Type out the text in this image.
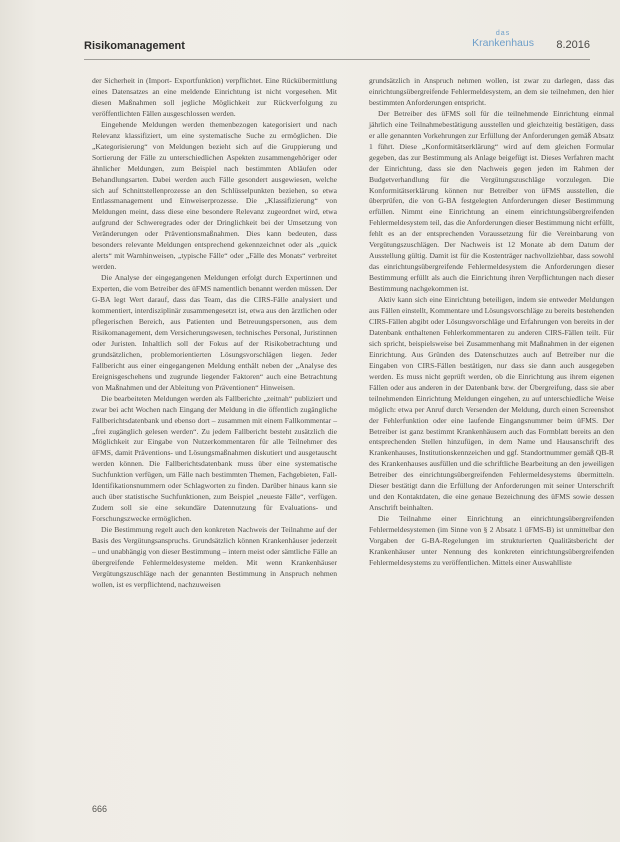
Risikomanagement
das
Krankenhaus 8.2016

der Sicherheit in (Import- Exportfunktion) verpflichtet. Eine Rückübermittlung eines Datensatzes an eine meldende Einrichtung ist nicht vorgesehen. Mit diesen Maßnahmen soll jegliche Möglichkeit zur Rückverfolgung zu veröffentlichten Fällen ausgeschlossen werden.

Eingehende Meldungen werden themenbezogen kategorisiert und nach Relevanz klassifiziert, um eine systematische Suche zu ermöglichen. Die „Kategorisierung“ von Meldungen bezieht sich auf die Gruppierung und Sortierung der Fälle zu unterschiedlichen Aspekten zusammengehöriger oder ähnlicher Meldungen, zum Beispiel nach bestimmten Abläufen oder Behandlungsarten. Dabei werden auch Fälle gesondert ausgewiesen, welche sich auf Schnittstellenprozesse an den Schlüsselpunkten beziehen, so etwa Entlassmanagement und Einweiserprozesse. Die „Klassifizierung“ von Meldungen meint, dass diese eine besondere Relevanz zugeordnet wird, etwa aufgrund der Schweregrades oder der Dringlichkeit bei der Umsetzung von Veränderungen oder Präventionsmaßnahmen. Dies kann bedeuten, dass besonders relevante Meldungen entsprechend gekennzeichnet oder als „quick alerts“ mit Warnhinweisen, „typische Fälle“ oder „Fälle des Monats“ verbreitet werden.

Die Analyse der eingegangenen Meldungen erfolgt durch Expertinnen und Experten, die vom Betreiber des üFMS namentlich benannt werden müssen. Der G-BA legt Wert darauf, dass das Team, das die CIRS-Fälle analysiert und kommentiert, interdisziplinär zusammengesetzt ist, etwa aus den ärztlichen oder pflegerischen Bereich, aus Patienten und Betreuungspersonen, aus dem Risikomanagement, dem Versicherungswesen, technisches Personal, Juristinnen oder Juristen. Inhaltlich soll der Fokus auf der Risikobetrachtung und grundsätzlichen, problemorientierten Lösungsvorschlägen liegen. Jeder Fallbericht aus einer eingegangenen Meldung enthält neben der „Analyse des Ereignisgeschehens und zugrunde liegender Faktoren“ auch eine Betrachtung von Maßnahmen und der Ableitung von Präventionen“ Hinweisen.

Die bearbeiteten Meldungen werden als Fallberichte „zeitnah“ publiziert und zwar bei acht Wochen nach Eingang der Meldung in die öffentlich zugängliche Fallberichtsdatenbank und ebenso dort – zusammen mit einem Fallkommentar – „frei zugänglich gelesen werden“. Zu jedem Fallbericht besteht zusätzlich die Möglichkeit zur Eingabe von Nutzerkommentaren für alle Teilnehmer des üFMS, damit Präventions- und Lösungsmaßnahmen diskutiert und ausgetauscht werden können. Die Fallberichtsdatenbank muss über eine systematische Suchfunktion verfügen, um Fälle nach bestimmten Themen, Fachgebieten, Fall-Identifikationsnummern oder Schlagworten zu finden. Darüber hinaus kann sie auch über statistische Suchfunktionen, zum Beispiel „neueste Fälle“, verfügen. Zudem soll sie eine sekundäre Datennutzung für Evaluations- und Forschungszwecke ermöglichen.

Die Bestimmung regelt auch den konkreten Nachweis der Teilnahme auf der Basis des Vergütungsanspruchs. Grundsätzlich können Krankenhäuser jederzeit – und unabhängig von dieser Bestimmung – intern meist oder sämtliche Fälle an übergreifende Fehlermeldesysteme melden. Mit wenn Krankenhäuser Vergütungszuschläge nach der genannten Bestimmung in Anspruch nehmen wollen, ist es verpflichtend, nachzuweisen

grundsätzlich in Anspruch nehmen wollen, ist zwar zu darlegen, dass das einrichtungsübergreifende Fehlermeldesystem, an dem sie teilnehmen, den hier bestimmten Anforderungen entspricht.

Der Betreiber des üFMS soll für die teilnehmende Einrichtung einmal jährlich eine Teilnahmebestätigung ausstellen und gleichzeitig bestätigen, dass er alle genannten Vorkehrungen zur Erfüllung der Anforderungen gemäß Absatz 1 führt. Diese „Konformitätserklärung“ wird auf dem gleichen Formular gegeben, das zur Bestimmung als Anlage beigefügt ist. Dieses Verfahren macht der Einrichtung, dass sie den Nachweis gegen jeden im Rahmen der Budgetverhandlung für die Vergütungszuschläge vorzulegen. Die Konformitätserklärung können nur Betreiber von üFMS ausstellen, die überprüfen, die von G-BA festgelegten Anforderungen dieser Bestimmung erfüllen. Nimmt eine Einrichtung an einem einrichtungsübergreifenden Fehlermeldesystem teil, das die Anforderungen dieser Bestimmung nicht erfüllt, fehlt es an der entsprechenden Voraussetzung für die Vereinbarung von Vergütungszuschlägen. Der Nachweis ist 12 Monate ab dem Datum der Ausstellung gültig. Damit ist für die Kostenträger nachvollziehbar, dass sowohl das einrichtungsübergreifende Fehlermeldesystem die Anforderungen dieser Bestimmung erfüllt als auch die Einrichtung ihren Verpflichtungen nach dieser Bestimmung nachgekommen ist.

Aktiv kann sich eine Einrichtung beteiligen, indem sie entweder Meldungen aus Fällen einstellt, Kommentare und Lösungsvorschläge zu bereits bestehenden CIRS-Fällen abgibt oder Lösungsvorschläge und Erfahrungen von bereits in der Datenbank enthaltenen Fehlerkommentaren zu anderen CIRS-Fällen teilt. Für sich spricht, beispielsweise bei Zusammenhang mit Maßnahmen in der eigenen Einrichtung. Aus Gründen des Datenschutzes auch auf Betreiber nur die Eingaben von CIRS-Fällen bestätigen, nur dass sie dann auch ausgegeben werden. Es muss nicht geprüft werden, ob die Einrichtung aus ihrem eigenen Fällen oder aus anderen in der Datenbank bzw. der Übergreifung, dass sie aber teilnehmenden Einrichtung Meldungen eingehen, zu auf unterschiedliche Weise möglich: etwa per Anruf durch Versenden der Meldung, durch einen Screenshot der Fehlerfunktion oder eine laufende Eingangsnummer beim üFMS. Der Betreiber ist ganz bestimmt Krankenhäusern auch das Formblatt bereits an den entsprechenden Stellen hinzufügen, in dem Name und Hausanschrift des Krankenhauses, Institutionskennzeichen und ggf. Standortnummer gemäß QB-R des Krankenhauses ausfüllen und die schriftliche Bearbeitung an den jeweiligen Betreiber des einrichtungsübergreifenden Fehlermeldesystems übermitteln. Dieser bestätigt dann die Erfüllung der Anforderungen mit seiner Unterschrift und den Kontaktdaten, die eine genaue Bezeichnung des üFMS sowie dessen Anschrift beinhalten.

Die Teilnahme einer Einrichtung an einrichtungsübergreifenden Fehlermeldesystemen (im Sinne von § 2 Absatz 1 üFMS-B) ist unmittelbar den Vorgaben der G-BA-Regelungen im strukturierten Qualitätsbericht der Krankenhäuser unter Nennung des konkreten einrichtungsübergreifenden Fehlermeldesystems zu veröffentlichen. Mittels einer Auswahlliste

666
